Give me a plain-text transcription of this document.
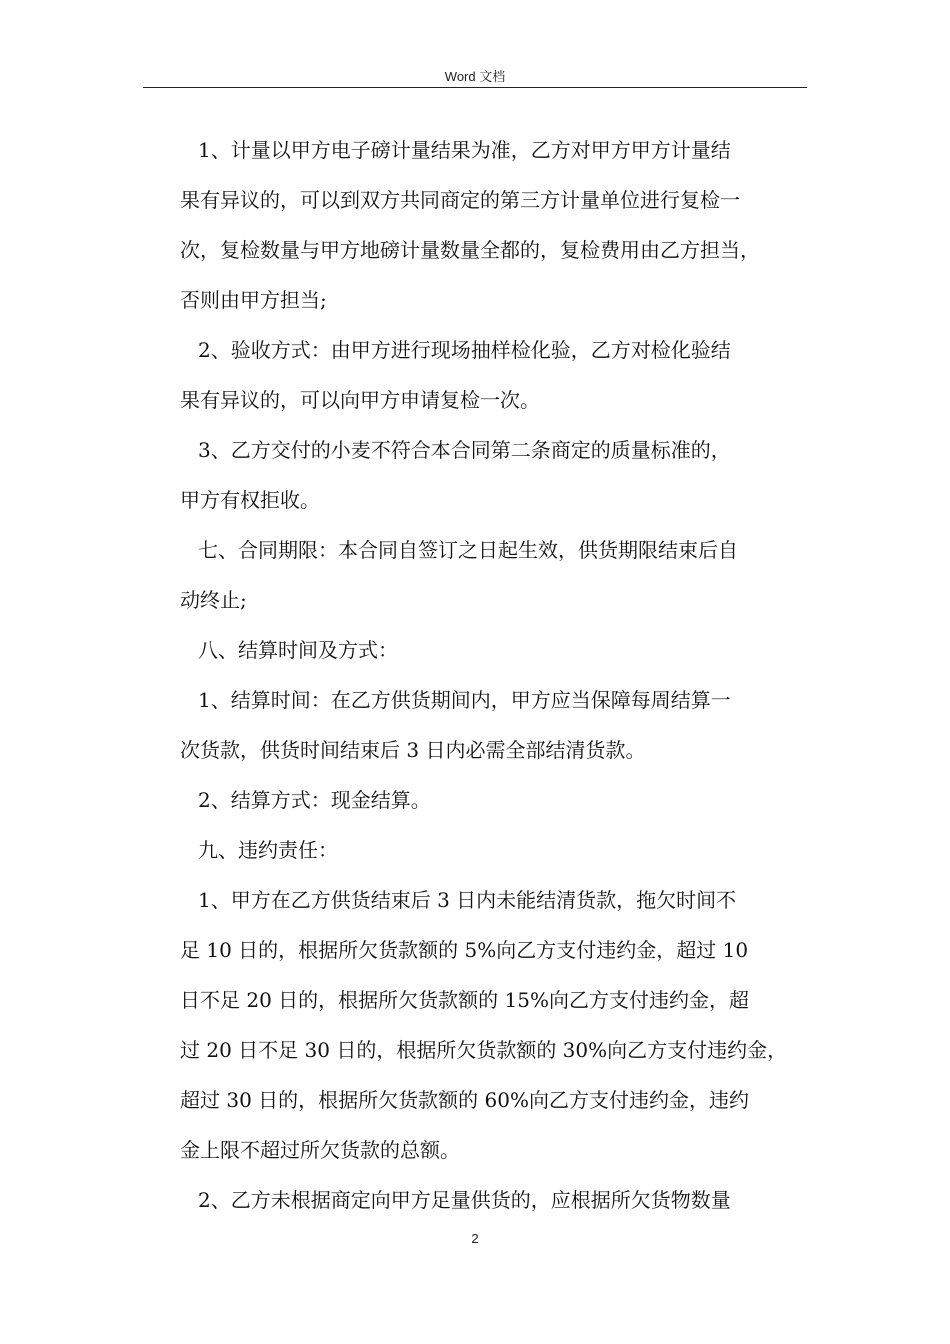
Word 文档
1、计量以甲方电子磅计量结果为准，乙方对甲方甲方计量结
果有异议的，可以到双方共同商定的第三方计量单位进行复检一
次，复检数量与甲方地磅计量数量全都的，复检费用由乙方担当，
否则由甲方担当;
2、验收方式：由甲方进行现场抽样检化验，乙方对检化验结
果有异议的，可以向甲方申请复检一次。
3、乙方交付的小麦不符合本合同第二条商定的质量标准的，
甲方有权拒收。
七、合同期限：本合同自签订之日起生效，供货期限结束后自
动终止;
八、结算时间及方式：
1、结算时间：在乙方供货期间内，甲方应当保障每周结算一
次货款，供货时间结束后 3 日内必需全部结清货款。
2、结算方式：现金结算。
九、违约责任：
1、甲方在乙方供货结束后 3 日内未能结清货款，拖欠时间不
足 10 日的，根据所欠货款额的 5%向乙方支付违约金，超过 10
日不足 20 日的，根据所欠货款额的 15%向乙方支付违约金，超
过 20 日不足 30 日的，根据所欠货款额的 30%向乙方支付违约金，
超过 30 日的，根据所欠货款额的 60%向乙方支付违约金，违约
金上限不超过所欠货款的总额。
2、乙方未根据商定向甲方足量供货的，应根据所欠货物数量
2
